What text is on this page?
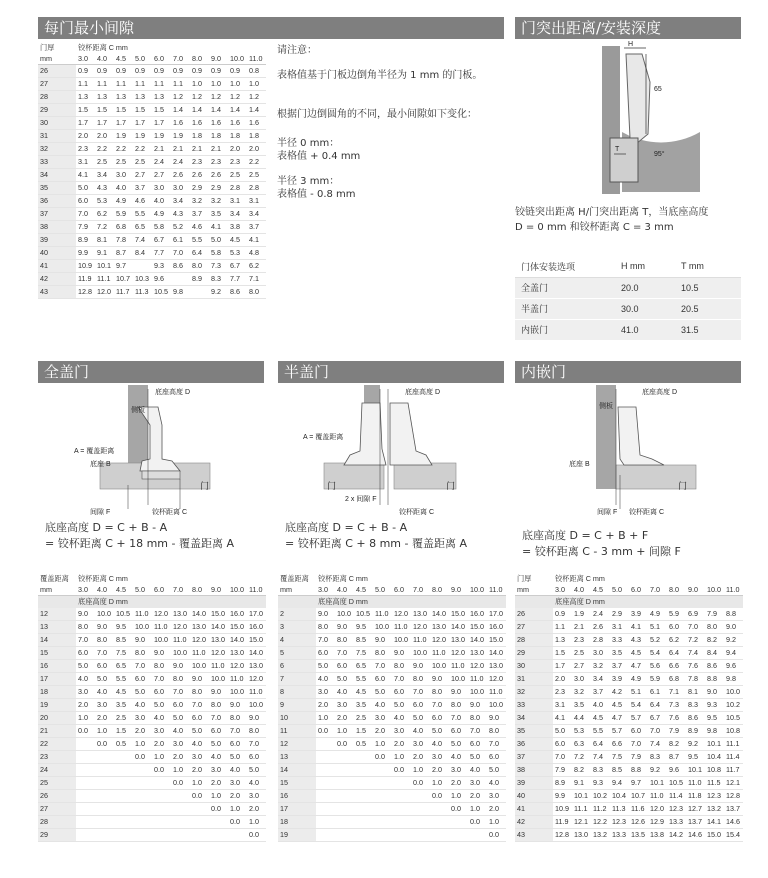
每门最小间隙	门突出距离/安装深度
全盖门	半盖门	内嵌门
门厚	铰杯距离 C mm									
mm	3.0	4.0	4.5	5.0	6.0	7.0	8.0	9.0	10.0	11.0
26	0.9	0.9	0.9	0.9	0.9	0.9	0.9	0.9	0.9	0.8
27	1.1	1.1	1.1	1.1	1.1	1.1	1.0	1.0	1.0	1.0
28	1.3	1.3	1.3	1.3	1.3	1.2	1.2	1.2	1.2	1.2
29	1.5	1.5	1.5	1.5	1.5	1.4	1.4	1.4	1.4	1.4
30	1.7	1.7	1.7	1.7	1.7	1.6	1.6	1.6	1.6	1.6
31	2.0	2.0	1.9	1.9	1.9	1.9	1.8	1.8	1.8	1.8
32	2.3	2.2	2.2	2.2	2.1	2.1	2.1	2.1	2.0	2.0
33	3.1	2.5	2.5	2.5	2.4	2.4	2.3	2.3	2.3	2.2
34	4.1	3.4	3.0	2.7	2.7	2.6	2.6	2.6	2.5	2.5
35	5.0	4.3	4.0	3.7	3.0	3.0	2.9	2.9	2.8	2.8
36	6.0	5.3	4.9	4.6	4.0	3.4	3.2	3.2	3.1	3.1
37	7.0	6.2	5.9	5.5	4.9	4.3	3.7	3.5	3.4	3.4
38	7.9	7.2	6.8	6.5	5.8	5.2	4.6	4.1	3.8	3.7
39	8.9	8.1	7.8	7.4	6.7	6.1	5.5	5.0	4.5	4.1
40	9.9	9.1	8.7	8.4	7.7	7.0	6.4	5.8	5.3	4.8
41	10.9	10.1	9.7		9.3	8.6	8.0	7.3	6.7	6.2
42	11.9	11.1	10.7	10.3	9.6		8.9	8.3	7.7	7.1
43	12.8	12.0	11.7	11.3	10.5	9.8		9.2	8.6	8.0
请注意：
表格值基于门板边倒角半径为 1 mm 的门板。
根据门边倒圆角的不同，最小间隙如下变化：
半径 0 mm：
表格值 + 0.4 mm
半径 3 mm：
表格值 - 0.8 mm
H
65
T
95°
铰链突出距离 H/门突出距离 T，当底座高度
D = 0 mm 和铰杯距离 C = 3 mm
门体安装选项	H mm	T mm
全盖门	20.0	10.5
半盖门	30.0	20.5
内嵌门	41.0	31.5
底座高度 D
侧板
A = 覆盖距离
底座 B
门
间隙 F	铰杯距离 C
底座高度 D = C + B - A
= 铰杯距离 C + 18 mm - 覆盖距离 A
底座高度 D
A = 覆盖距离
门	门
2 x 间隙 F
铰杯距离 C
底座高度 D = C + B - A
= 铰杯距离 C + 8 mm - 覆盖距离 A
底座高度 D
侧板
底座 B
门
间隙 F 铰杯距离 C
底座高度 D = C + B + F
= 铰杯距离 C - 3 mm + 间隙 F
覆盖距离	铰杯距离 C mm									
mm	3.0	4.0	4.5	5.0	6.0	7.0	8.0	9.0	10.0	11.0
	底座高度 D mm									
12	9.0	10.0	10.5	11.0	12.0	13.0	14.0	15.0	16.0	17.0
13	8.0	9.0	9.5	10.0	11.0	12.0	13.0	14.0	15.0	16.0
14	7.0	8.0	8.5	9.0	10.0	11.0	12.0	13.0	14.0	15.0
15	6.0	7.0	7.5	8.0	9.0	10.0	11.0	12.0	13.0	14.0
16	5.0	6.0	6.5	7.0	8.0	9.0	10.0	11.0	12.0	13.0
17	4.0	5.0	5.5	6.0	7.0	8.0	9.0	10.0	11.0	12.0
18	3.0	4.0	4.5	5.0	6.0	7.0	8.0	9.0	10.0	11.0
19	2.0	3.0	3.5	4.0	5.0	6.0	7.0	8.0	9.0	10.0
20	1.0	2.0	2.5	3.0	4.0	5.0	6.0	7.0	8.0	9.0
21	0.0	1.0	1.5	2.0	3.0	4.0	5.0	6.0	7.0	8.0
22		0.0	0.5	1.0	2.0	3.0	4.0	5.0	6.0	7.0
23				0.0	1.0	2.0	3.0	4.0	5.0	6.0
24					0.0	1.0	2.0	3.0	4.0	5.0
25						0.0	1.0	2.0	3.0	4.0
26							0.0	1.0	2.0	3.0
27								0.0	1.0	2.0
28									0.0	1.0
29										0.0
覆盖距离	铰杯距离 C mm									
mm	3.0	4.0	4.5	5.0	6.0	7.0	8.0	9.0	10.0	11.0
	底座高度 D mm									
2	9.0	10.0	10.5	11.0	12.0	13.0	14.0	15.0	16.0	17.0
3	8.0	9.0	9.5	10.0	11.0	12.0	13.0	14.0	15.0	16.0
4	7.0	8.0	8.5	9.0	10.0	11.0	12.0	13.0	14.0	15.0
5	6.0	7.0	7.5	8.0	9.0	10.0	11.0	12.0	13.0	14.0
6	5.0	6.0	6.5	7.0	8.0	9.0	10.0	11.0	12.0	13.0
7	4.0	5.0	5.5	6.0	7.0	8.0	9.0	10.0	11.0	12.0
8	3.0	4.0	4.5	5.0	6.0	7.0	8.0	9.0	10.0	11.0
9	2.0	3.0	3.5	4.0	5.0	6.0	7.0	8.0	9.0	10.0
10	1.0	2.0	2.5	3.0	4.0	5.0	6.0	7.0	8.0	9.0
11	0.0	1.0	1.5	2.0	3.0	4.0	5.0	6.0	7.0	8.0
12		0.0	0.5	1.0	2.0	3.0	4.0	5.0	6.0	7.0
13				0.0	1.0	2.0	3.0	4.0	5.0	6.0
14					0.0	1.0	2.0	3.0	4.0	5.0
15						0.0	1.0	2.0	3.0	4.0
16							0.0	1.0	2.0	3.0
17								0.0	1.0	2.0
18									0.0	1.0
19										0.0
门厚	铰杯距离 C mm									
mm	3.0	4.0	4.5	5.0	6.0	7.0	8.0	9.0	10.0	11.0
	底座高度 D mm									
26	0.9	1.9	2.4	2.9	3.9	4.9	5.9	6.9	7.9	8.8
27	1.1	2.1	2.6	3.1	4.1	5.1	6.0	7.0	8.0	9.0
28	1.3	2.3	2.8	3.3	4.3	5.2	6.2	7.2	8.2	9.2
29	1.5	2.5	3.0	3.5	4.5	5.4	6.4	7.4	8.4	9.4
30	1.7	2.7	3.2	3.7	4.7	5.6	6.6	7.6	8.6	9.6
31	2.0	3.0	3.4	3.9	4.9	5.9	6.8	7.8	8.8	9.8
32	2.3	3.2	3.7	4.2	5.1	6.1	7.1	8.1	9.0	10.0
33	3.1	3.5	4.0	4.5	5.4	6.4	7.3	8.3	9.3	10.2
34	4.1	4.4	4.5	4.7	5.7	6.7	7.6	8.6	9.5	10.5
35	5.0	5.3	5.5	5.7	6.0	7.0	7.9	8.9	9.8	10.8
36	6.0	6.3	6.4	6.6	7.0	7.4	8.2	9.2	10.1	11.1
37	7.0	7.2	7.4	7.5	7.9	8.3	8.7	9.5	10.4	11.4
38	7.9	8.2	8.3	8.5	8.8	9.2	9.6	10.1	10.8	11.7
39	8.9	9.1	9.3	9.4	9.7	10.1	10.5	11.0	11.5	12.1
40	9.9	10.1	10.2	10.4	10.7	11.0	11.4	11.8	12.3	12.8
41	10.9	11.1	11.2	11.3	11.6	12.0	12.3	12.7	13.2	13.7
42	11.9	12.1	12.2	12.3	12.6	12.9	13.3	13.7	14.1	14.6
43	12.8	13.0	13.2	13.3	13.5	13.8	14.2	14.6	15.0	15.4
